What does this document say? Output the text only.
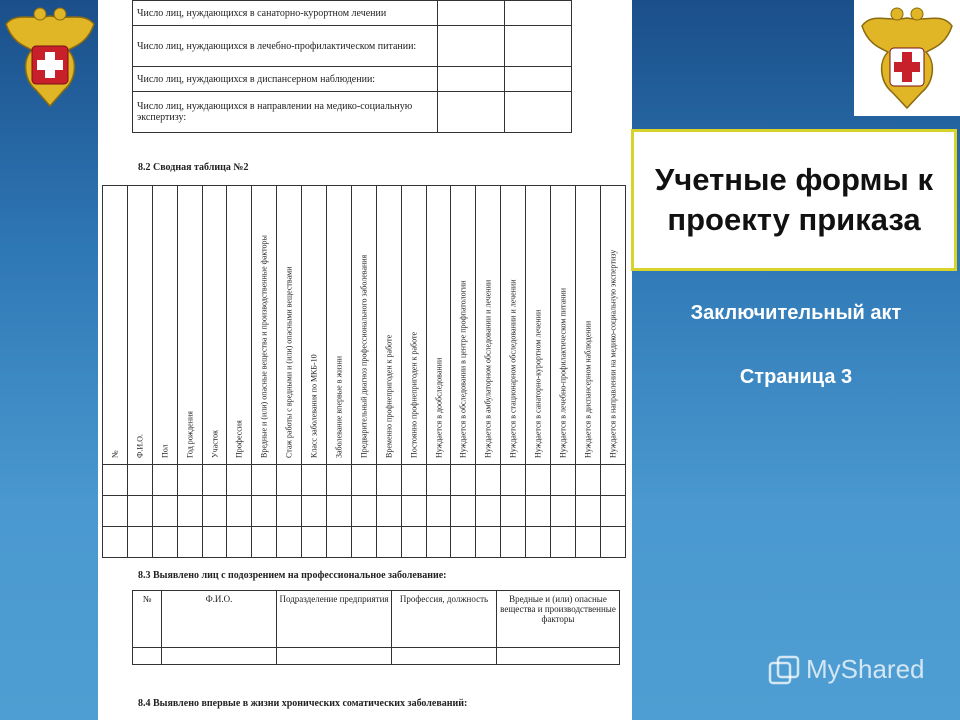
Число лиц, нуждающихся в санаторно-курортном лечении		
Число лиц, нуждающихся в лечебно-профилактическом питании:		
Число лиц, нуждающихся в диспансерном наблюдении:		
Число лиц, нуждающихся в направлении на медико-социальную экспертизу:		
8.2 Сводная таблица №2
№	Ф.И.О.	Пол	Год рождения	Участок	Профессия	Вредные и (или) опасные вещества и производственные факторы	Стаж работы с вредными и (или) опасными веществами	Класс заболевания по МКБ-10	Заболевание впервые в жизни	Предварительный диагноз профессионального заболевания	Временно профнепригоден к работе	Постоянно профнепригоден к работе	Нуждается в дообследовании	Нуждается в обследовании в центре профпатологии	Нуждается в амбулаторном обследовании и лечении	Нуждается в стационарном обследовании и лечении	Нуждается в санаторно-курортном лечении	Нуждается в лечебно-профилактическом питании	Нуждается в диспансерном наблюдении	Нуждается в направлении на медико-социальную экспертизу

8.3 Выявлено лиц с подозрением на профессиональное заболевание:
№	Ф.И.О.	Подразделение предприятия	Профессия, должность	Вредные и (или) опасные вещества и производственные факторы

8.4 Выявлено впервые в жизни хронических соматических заболеваний:
Учетные формы к проекту приказа
Заключительный акт
Страница 3
MyShared
